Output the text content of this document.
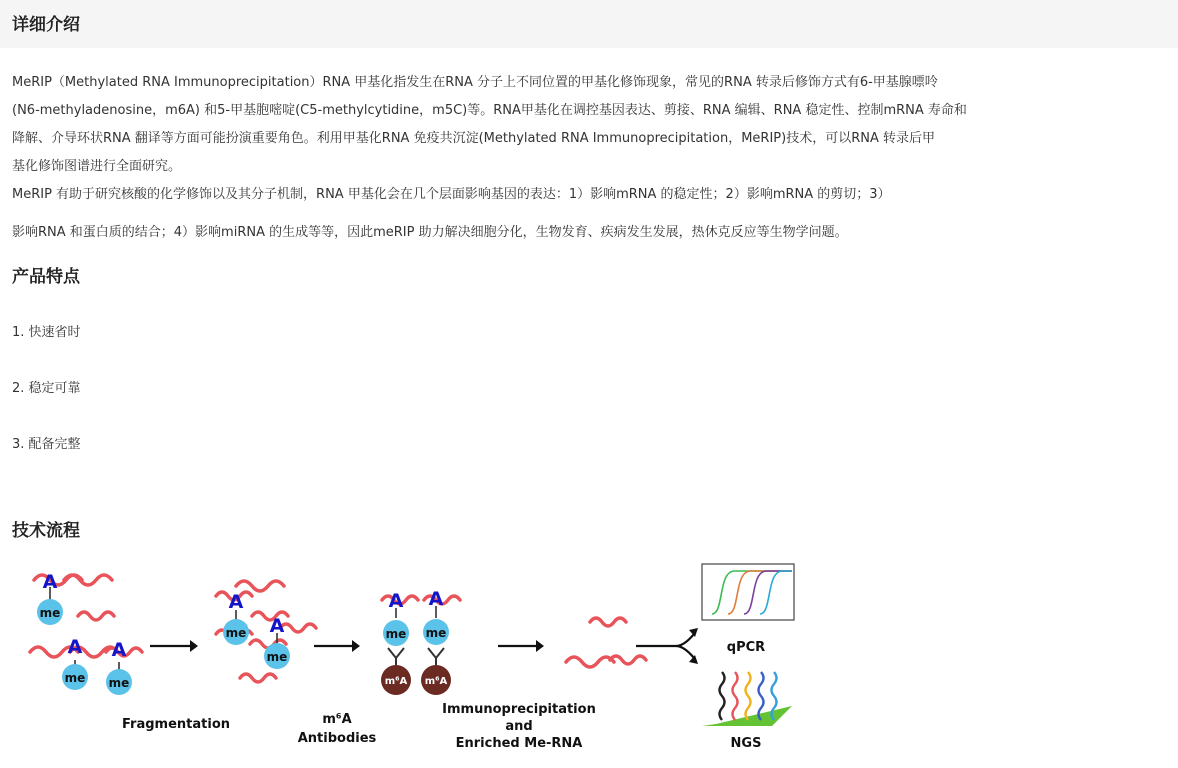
详细介绍

MeRIP（Methylated RNA Immunoprecipitation）RNA 甲基化指发生在RNA 分子上不同位置的甲基化修饰现象，常见的RNA 转录后修饰方式有6-甲基腺嘌呤

(N6-methyladenosine，m6A) 和5-甲基胞嘧啶(C5-methylcytidine，m5C)等。RNA甲基化在调控基因表达、剪接、RNA 编辑、RNA 稳定性、控制mRNA 寿命和

降解、介导环状RNA 翻译等方面可能扮演重要角色。利用甲基化RNA 免疫共沉淀(Methylated RNA Immunoprecipitation，MeRIP)技术，可以RNA 转录后甲

基化修饰图谱进行全面研究。

MeRIP 有助于研究核酸的化学修饰以及其分子机制，RNA 甲基化会在几个层面影响基因的表达：1）影响mRNA 的稳定性；2）影响mRNA 的剪切；3）

影响RNA 和蛋白质的结合；4）影响miRNA 的生成等等，因此meRIP 助力解决细胞分化，生物发育、疾病发生发展，热休克反应等生物学问题。

产品特点
1. 快速省时
2. 稳定可靠
3. 配备完整
技术流程
A
me
A
me
A
me
Fragmentation
A
me A
me
m⁶A
Antibodies
A
me
m⁶A
A
me
m⁶A
Immunoprecipitation
and
Enriched Me-RNA
qPCR
NGS
